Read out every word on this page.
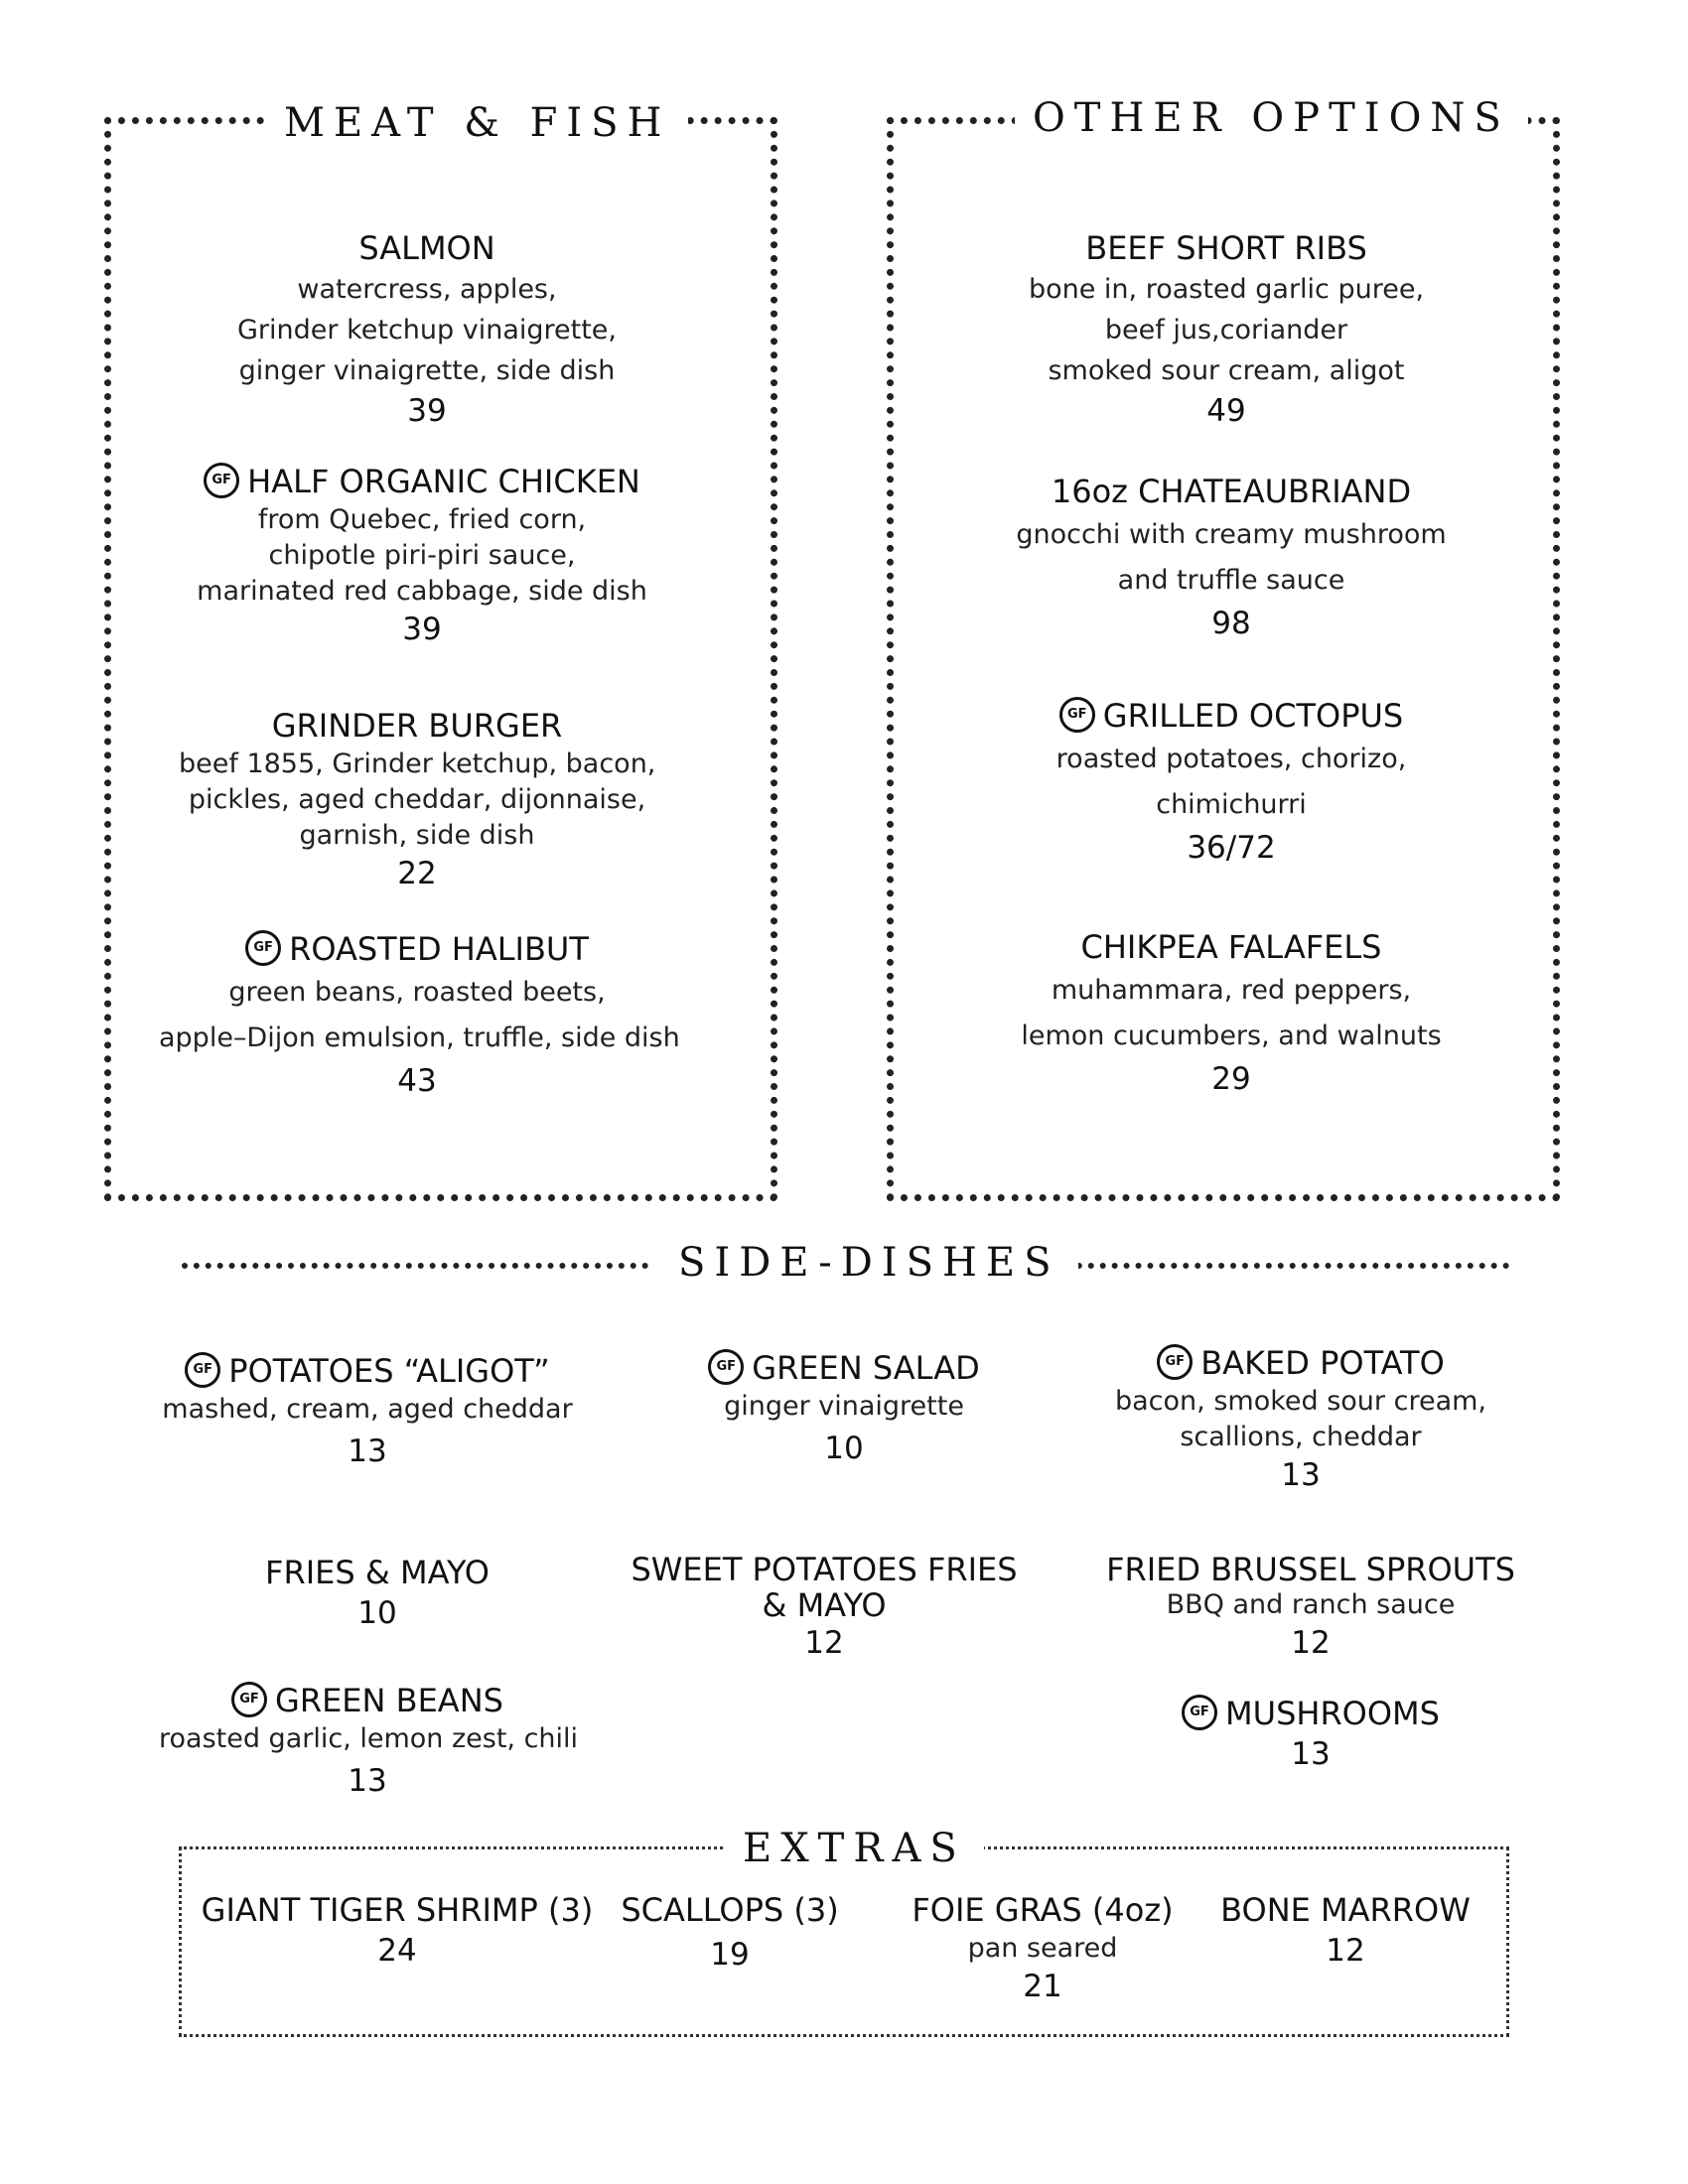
MEAT & FISH
SALMON
watercress, apples,
Grinder ketchup vinaigrette,
ginger vinaigrette, side dish
39
GF HALF ORGANIC CHICKEN
from Quebec, fried corn,
chipotle piri-piri sauce,
marinated red cabbage, side dish
39
GRINDER BURGER
beef 1855, Grinder ketchup, bacon,
pickles, aged cheddar, dijonnaise,
garnish, side dish
22
GF ROASTED HALIBUT
green beans, roasted beets,
apple–Dijon emulsion, truffle, side dish
43
OTHER OPTIONS
BEEF SHORT RIBS
bone in, roasted garlic puree,
beef jus,coriander
smoked sour cream, aligot
49
16oz CHATEAUBRIAND
gnocchi with creamy mushroom
and truffle sauce
98
GF GRILLED OCTOPUS
roasted potatoes, chorizo,
chimichurri
36/72
CHIKPEA FALAFELS
muhammara, red peppers,
lemon cucumbers, and walnuts
29
SIDE-DISHES
GF POTATOES “ALIGOT”
mashed, cream, aged cheddar
13
GF GREEN SALAD
ginger vinaigrette
10
GF BAKED POTATO
bacon, smoked sour cream,
scallions, cheddar
13
FRIES & MAYO
10
SWEET POTATOES FRIES
& MAYO
12
FRIED BRUSSEL SPROUTS
BBQ and ranch sauce
12
GF GREEN BEANS
roasted garlic, lemon zest, chili
13
GF MUSHROOMS
13
EXTRAS
GIANT TIGER SHRIMP (3)
24
SCALLOPS (3)
19
FOIE GRAS (4oz)
pan seared
21
BONE MARROW
12
